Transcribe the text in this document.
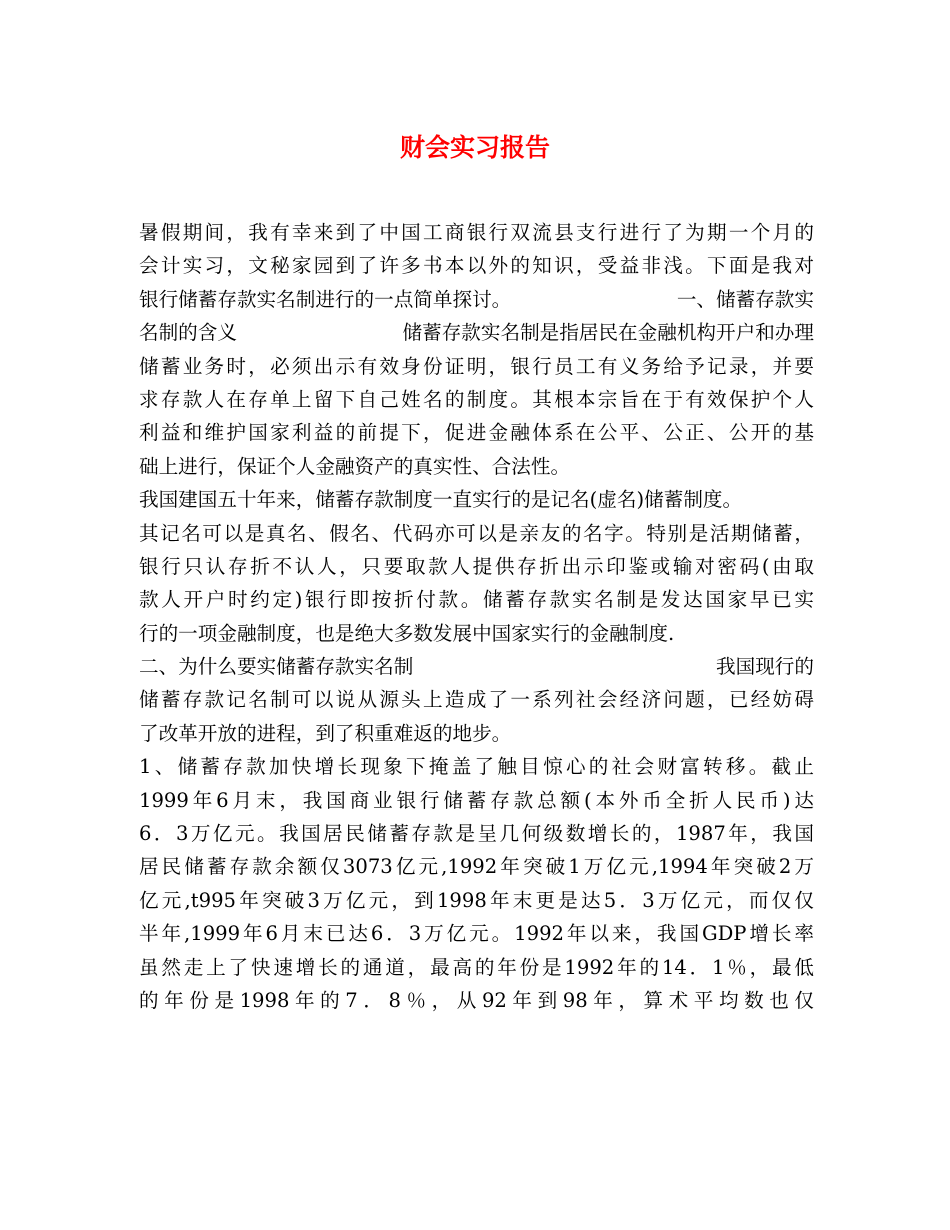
财会实习报告
暑假期间，我有幸来到了中国工商银行双流县支行进行了为期一个月的
会计实习，文秘家园到了许多书本以外的知识，受益非浅。下面是我对
银行储蓄存款实名制进行的一点简单探讨。	一、储蓄存款实
名制的含义	储蓄存款实名制是指居民在金融机构开户和办理
储蓄业务时，必须出示有效身份证明，银行员工有义务给予记录，并要
求存款人在存单上留下自己姓名的制度。其根本宗旨在于有效保护个人
利益和维护国家利益的前提下，促进金融体系在公平、公正、公开的基
础上进行，保证个人金融资产的真实性、合法性。
我国建国五十年来，储蓄存款制度一直实行的是记名(虚名)储蓄制度。
其记名可以是真名、假名、代码亦可以是亲友的名字。特别是活期储蓄，
银行只认存折不认人，只要取款人提供存折出示印鉴或输对密码(由取
款人开户时约定)银行即按折付款。储蓄存款实名制是发达国家早已实
行的一项金融制度，也是绝大多数发展中国家实行的金融制度.
二、为什么要实储蓄存款实名制	我国现行的
储蓄存款记名制可以说从源头上造成了一系列社会经济问题，已经妨碍
了改革开放的进程，到了积重难返的地步。
1、储蓄存款加快增长现象下掩盖了触目惊心的社会财富转移。截止
1999年6月末，我国商业银行储蓄存款总额(本外币全折人民币)达
6．3万亿元。我国居民储蓄存款是呈几何级数增长的，1987年，我国
居民储蓄存款余额仅3073亿元,1992年突破1万亿元,1994年突破2万
亿元,t995年突破3万亿元，到1998年末更是达5．3万亿元，而仅仅
半年,1999年6月末已达6．3万亿元。1992年以来，我国GDP增长率
虽然走上了快速增长的通道，最高的年份是1992年的14．1％，最低
的年份是1998年的7．8％，从92年到98年，算术平均数也仅
